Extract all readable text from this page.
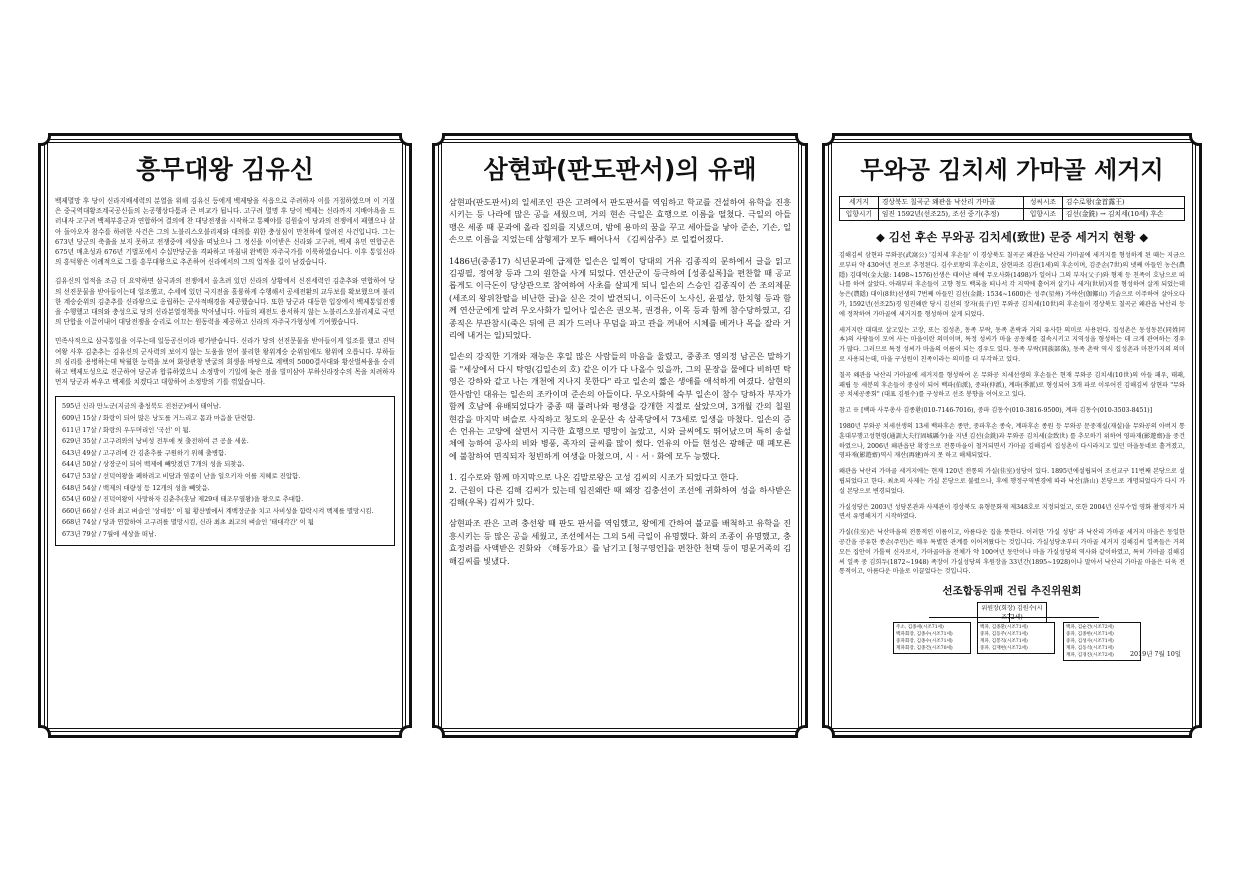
흥무대왕 김유신

백제멸망 후 당이 신라지배세력의 분열을 위해 김유신 등에게 백제땅을 식읍으로 주려하자 이를 거절하였으며 이 거절은 중국역대황조계국공신들의 논공행상다툼과 큰 비교가 됩니다. 고구려 멸명 후 당이 백제는 신라까지 지배야욕을 드러내자 고구려 백제부흥군과 연합하여 결의에 찬 대당전쟁을 시작하고 통째야를 김원술이 당과의 전쟁에서 패했으나 살아 돌아오자 참수를 하려한 사건은 그의 노블리스오블리제와 대의를 위한 충성심이 만천하에 알려진 사건입니다. 그는 673년 당군의 축출을 보지 못하고 전쟁중에 세상을 떠났으나 그 정신을 이어받은 신라와 고구려, 백제 유민 연합군은 675년 매초성과 676년 기벌포에서 수십만당군을 격파하고 마침내 완벽한 자주국가를 이룩하였습니다. 이후 통일신라의 흥덕왕은 이례적으로 그를 흥무대왕으로 추존하여 신라에서의 그의 업적을 길이 남겼습니다.

김유신의 업적을 조금 더 요약하면 삼국과의 전쟁에서 올츠려 있던 신라의 상황에서 신진세력인 김춘추와 연합하여 당의 선진문물을 받아들이는데 일조했고, 수세에 있던 국지전을 흘륭하게 수행해서 공세전환의 교두보를 확보했으며 불리한 계승순위의 김춘추를 신라왕으로 옹립하는 군사적배경을 제공했습니다. 또한 당군과 대등한 입장에서 백제통일전쟁을 수행했고 대의와 충성으로 당의 신라분열정책을 막아냈니다. 아들의 패전도 용서하지 않는 노블리스오블리제로 국민의 단합을 이끌어내어 대당전쟁을 승리로 이끄는 원동력을 제공하고 신라의 자주국가형성에 기여했습니다.

민족사적으로 삼국통일을 이루는데 일등공신이라 평가받습니다. 신라가 당의 선진문물을 받아들이게 일조를 했고 진덕여왕 사후 김춘추는 김유신의 군사력의 보이지 않는 도움을 얻어 불리한 왕위계승 순위임에도 왕위에 오릅니다. 부하들의 심리를 용병하는데 탁월한 능력을 보여 화랑관창 반굴의 희생을 바탕으로 계백의 5000결사대와 황산벌싸움을 승리하고 백제도성으로 진군하여 당군과 합류하였으니 소정방이 기일에 늦은 점을 빌미삼아 부하신라장수의 목을 치려하자 먼저 당군과 싸우고 백제를 치겠다고 대항하여 소정방의 기를 꺾었습니다.

595년 신라 만노군(지금의 충청북도 진천군)에서 태어남.
609년 15살 / 화랑이 되어 많은 낭도를 거느리고 몸과 마음을 단련함.
611년 17살 / 화랑의 우두머리인 '국선' 이 됨.
629년 35살 / 고구려와의 낭비성 전투에 첫 출전하여 큰 공을 세움.
643년 49살 / 고구려에 간 김춘추를 구원하기 위해 출병함.
644년 50살 / 상장군이 되어 백제에 빼앗겼던 7개의 성을 되찾음.
647년 53살 / 선덕여왕을 폐하려고 비담과 염종이 난을 일으키자 이를 지혜로 진압함.
648년 54살 / 백제의 대량성 등 12개의 성을 빼앗음.
654년 60살 / 진덕여왕이 사망하자 김춘추(훗날 제29대 태조무열왕)을 왕으로 추대함.
660년 66살 / 신라 최고 벼슬인 '상대등' 이 됨 황산벌에서 계백장군을 치고 사비성을 함락시켜 백제를 멸망시킴.
668년 74살 / 당과 연합하여 고구려를 멸망시킴, 신라 최초 최고의 벼슬인 '태대각간' 이 됨
673년 79살 / 7월에 세상을 떠남.
삼현파(판도판서)의 유래

삼현파(판도판서)의 일세조인 관은 고려에서 판도판서를 역임하고 학교를 건설하여 유학을 진흥시키는 등 나라에 많은 공을 세웠으며, 거의 현손 극일은 효행으로 이름을 떨쳤다. 극일의 아들 맹은 세종 때 문과에 올라 집의를 지냈으며, 밤에 용마의 꿈을 꾸고 세아들을 낳아 준손, 기손, 일손으로 이름을 지었는데 삼형제가 모두 빼어나서 《김씨삼주》로 일컬어졌다.

1486년(중종17) 식년문과에 급제한 일손은 일찍이 당대의 거유 김종직의 문하에서 글을 읽고 김굉필, 정여창 등과 그의 원한을 사게 되었다. 연산군이 등극하여 [성종실록]을 편찬할 때 공교롭게도 이극돈이 당상관으로 참여하여 사초를 살피게 되니 일손의 스승인 김종직이 쓴 조의제문(세조의 왕위찬탈을 비난한 글)을 싣은 것이 발견되니, 이극돈이 노사신, 윤필상, 한치형 등과 함께 연산군에게 알려 무오사화가 일어나 일손은 권오복, 권경유, 이목 등과 함께 참수당하였고, 김종직은 부관참시(죽은 뒤에 큰 죄가 드러나 무덤을 파고 관을 꺼내어 시체를 베거나 목을 잘라 거리에 내거는 일)되었다.

일손의 강직한 기개와 재능은 후일 많은 사람들의 마음을 울렸고, 중종조 영의정 남곤은 말하기를 "세상에서 다시 탁영(김일손의 호) 같은 이가 다 나올수 있을까, 그의 문장을 물에다 비하면 탁영은 강하와 같고 나는 개천에 지나지 못한다" 라고 일손의 짧은 생애를 애석하게 여겼다. 삼현의 한사람인 대유는 일손의 조카이며 준손의 아들이다. 무오사화에 숙부 일손이 참수 당하자 부자가 함께 호남에 유배되었다가 중종 때 풀려나와 평생을 강개한 지절로 살았으며, 3개월 간의 칠원 현감을 마지막 벼슬로 사직하고 청도의 운문산 속 삼족당에서 73세로 일생을 마쳤다. 일손의 증손 언유는 고양에 살면서 지극한 효행으로 명망이 높았고, 시와 글씨에도 뛰어났으며 특히 송설체에 능하여 공사의 비와 병풍, 족자의 글씨를 많이 썼다. 언유의 아들 현성은 광해군 때 폐모론에 불참하여 면직되자 청빈하게 여생을 마쳤으며, 시 · 서 · 화에 모두 능했다.

1. 김수로와 함께 마지막으로 나온 김말로왕은 고성 김씨의 시조가 되었다고 한다.
2. 근원이 다른 김해 김씨가 있는데 임진왜란 때 왜장 김충선이 조선에 귀화하여 성을 하사받은 김해(우록) 김씨가 있다.

삼현파조 관은 고려 충선왕 때 판도 판서를 역임했고, 왕에게 간하여 불교를 배척하고 유학을 진흥시키는 등 많은 공을 세웠고, 조선에서는 그의 5세 극일이 유명했다. 화의 조종이 유명했고, 충효정려를 사액받은 진화와 〈해동가요〉를 남기고 [청구영언]을 편찬한 천택 등이 명문거족의 김해김씨를 빛냈다.

무와공 김치세 가마골 세거지
세거지	경상북도 칠곡군 왜관읍 낙산리 가마골	성씨시조	김수로왕(金首露王)
입향시기	임진 1592년(선조25), 조선 중기(추정)	입향시조	김선(金銑) → 김치세(10세) 후손
◆ 김선 후손 무와공 김치세(致世) 문중 세거지 현황 ◆

김해김씨 삼현파 무와공(武窩公) '김치세 후손들' 이 경상북도 칠곡군 왜관읍 낙산리 가마골에 세거지를 형성하게 된 때는 지금으로부터 약 430여년 전으로 추정된다. 김수로왕의 후손이요, 삼현파조 김관(1세)의 후손이며, 김준손(7世)의 넷째 아들인 농은(農隱) 김대억(金大億: 1498~1576)선생은 태어난 해에 무오사화(1498)가 일어나 그의 부자(父子)와 형제 등 친족이 호남으로 떠나를 하여 살았다. 아래부터 후손들이 고향 청도 백록을 떠나서 각 지역에 흩어져 살기나 세거(世居)지를 형성하여 살게 되었는데 농은(農隱) 대이(8世)선생의 7번째 아들인 김선(金銑: 1534~1600)은 성주(星州) 가야산(伽倻山) 기슭으로 이주하여 살아오다가, 1592년(선조25)경 임진왜란 당시 김선의 장자(長子)인 무와공 김치세(10世)의 후손들이 경상북도 칠곡군 왜관읍 낙산리 등에 정착하여 가마골에 세거지를 형성하며 살게 되었다.

세거지란 대대로 살고있는 고장, 또는 집성촌, 동족 부락, 동족 촌락과 거의 유사한 의미로 사용된다. 집성촌은 동성동본(同姓同本)의 사람들이 모여 사는 마을이란 의미이며, 특정 성씨가 마을 공동체를 결속시키고 지역성을 형성하는 데 크게 관여하는 경우가 많다. 그러므로 특정 성씨가 마을의 이름이 되는 경우도 있다. 동족 부락(同族部落), 동족 촌락 역시 집성촌과 마찬가지의 의미로 사용되는데, 마을 구성원이 친족이라는 의미를 더 부각하고 있다.

칠곡 왜관읍 낙산리 가마골에 세거지를 형성하여 온 무와공 치세선생의 후손들은 현재 무와공 김치세(10世)의 아들 패우, 태패, 패립 등 세분의 후손들이 중심이 되어 백파(伯派), 중파(仲派), 계파(季派)로 형성되어 3개 파로 이루어진 김해김씨 삼현파 "무와공 치세공종회" (대표 김원수)를 구성하고 선조 봉향을 이어오고 있다.

참고 ※ [백파 사무총사 김종환(010-7146-7016), 중파 김동수(010-3816-9500), 계파 김동수(010-3503-8451)]

1980년 무와공 치세선생의 13세 백파후손 종만, 중파후손 종숙, 계파후손 종원 등 무와공 문중재실(재실)을 무와공의 아버지 통훈대부행고성현령(通訓大夫行固城縣令)을 지낸 김선(金銑)과 무와공 김치세(金致世) 를 추모하기 위하여 영파재(影遊齋)을 중건하였으나, 2006년 왜관읍단 확장으로 전통마을이 철거되면서 가마골 김해김씨 집성촌이 다시라지고 있던 마을동네로 흩겨졌고, 영파재(影遊齋)역시 재산(再建)하지 못 하고 해체되었다.

왜관읍 낙산리 가마골 세거지에는 현재 120년 전통의 가실(佳室)성당이 있다. 1895년에설립되어 조선교구 11번째 본당으로 설립되었다고 한다. 최초의 사제는 가실 본당으로 불렸으나, 후에 행정구역변경에 따라 낙산(洛山) 본당으로 개명되었다가 다시 가실 본당으로 변경되었다.

가실성당은 2003년 성당본관과 사제관이 경상북도 유형문화재 제348호로 지정되었고, 또한 2004년 신부수업 영화 촬영지가 되면서 유명해지기 시작하였다.

가실(佳室)은 낙산마을의 전통적인 이름이고, 아름다운 집을 뜻한다. 이러한 '가실 성당' 과 낙산리 가마골 세거지 마을은 동일한 공간을 공유한 종손(주민)은 매우 특별한 관계를 이어져왔다는 것입니다. 가실성당초부터 가마골 세거지 김해김씨 일족들은 거의 모든 집안이 가톨릭 신자로서, 가마골마을 전체가 약 100여년 동안이나 마을 가실성당의 역사와 같이하였고, 특히 가마골 김해김씨 일족 중 김희두(1872~1948) 족장이 가실성당의 후원장을 33년간(1895~1928)이나 말아서 낙산리 가마골 마을은 더욱 전통적이고, 아름다운 마을로 이끌었다는 것입니다.

선조합동위패 건립 추진위원회
위원장(회장) 김원수(시조72세)
주소, 김종세(시조71세)
백파회장, 김종수(시조71세)
중파회장, 김종수(시조71세)
계파회장, 김종건(시조70세)
백파, 김종환(시조71세)
중파, 김동주(시조71세)
계파, 김봉직(시조71세)
중파, 김재현(시조72세)
백파, 김순건(시조72세)
중파, 김종한(시조71세)
중파, 김성사(시조71세)
계파, 김동석(시조71세)
계파, 김경진(시조72세)	2019년 7월 10일
